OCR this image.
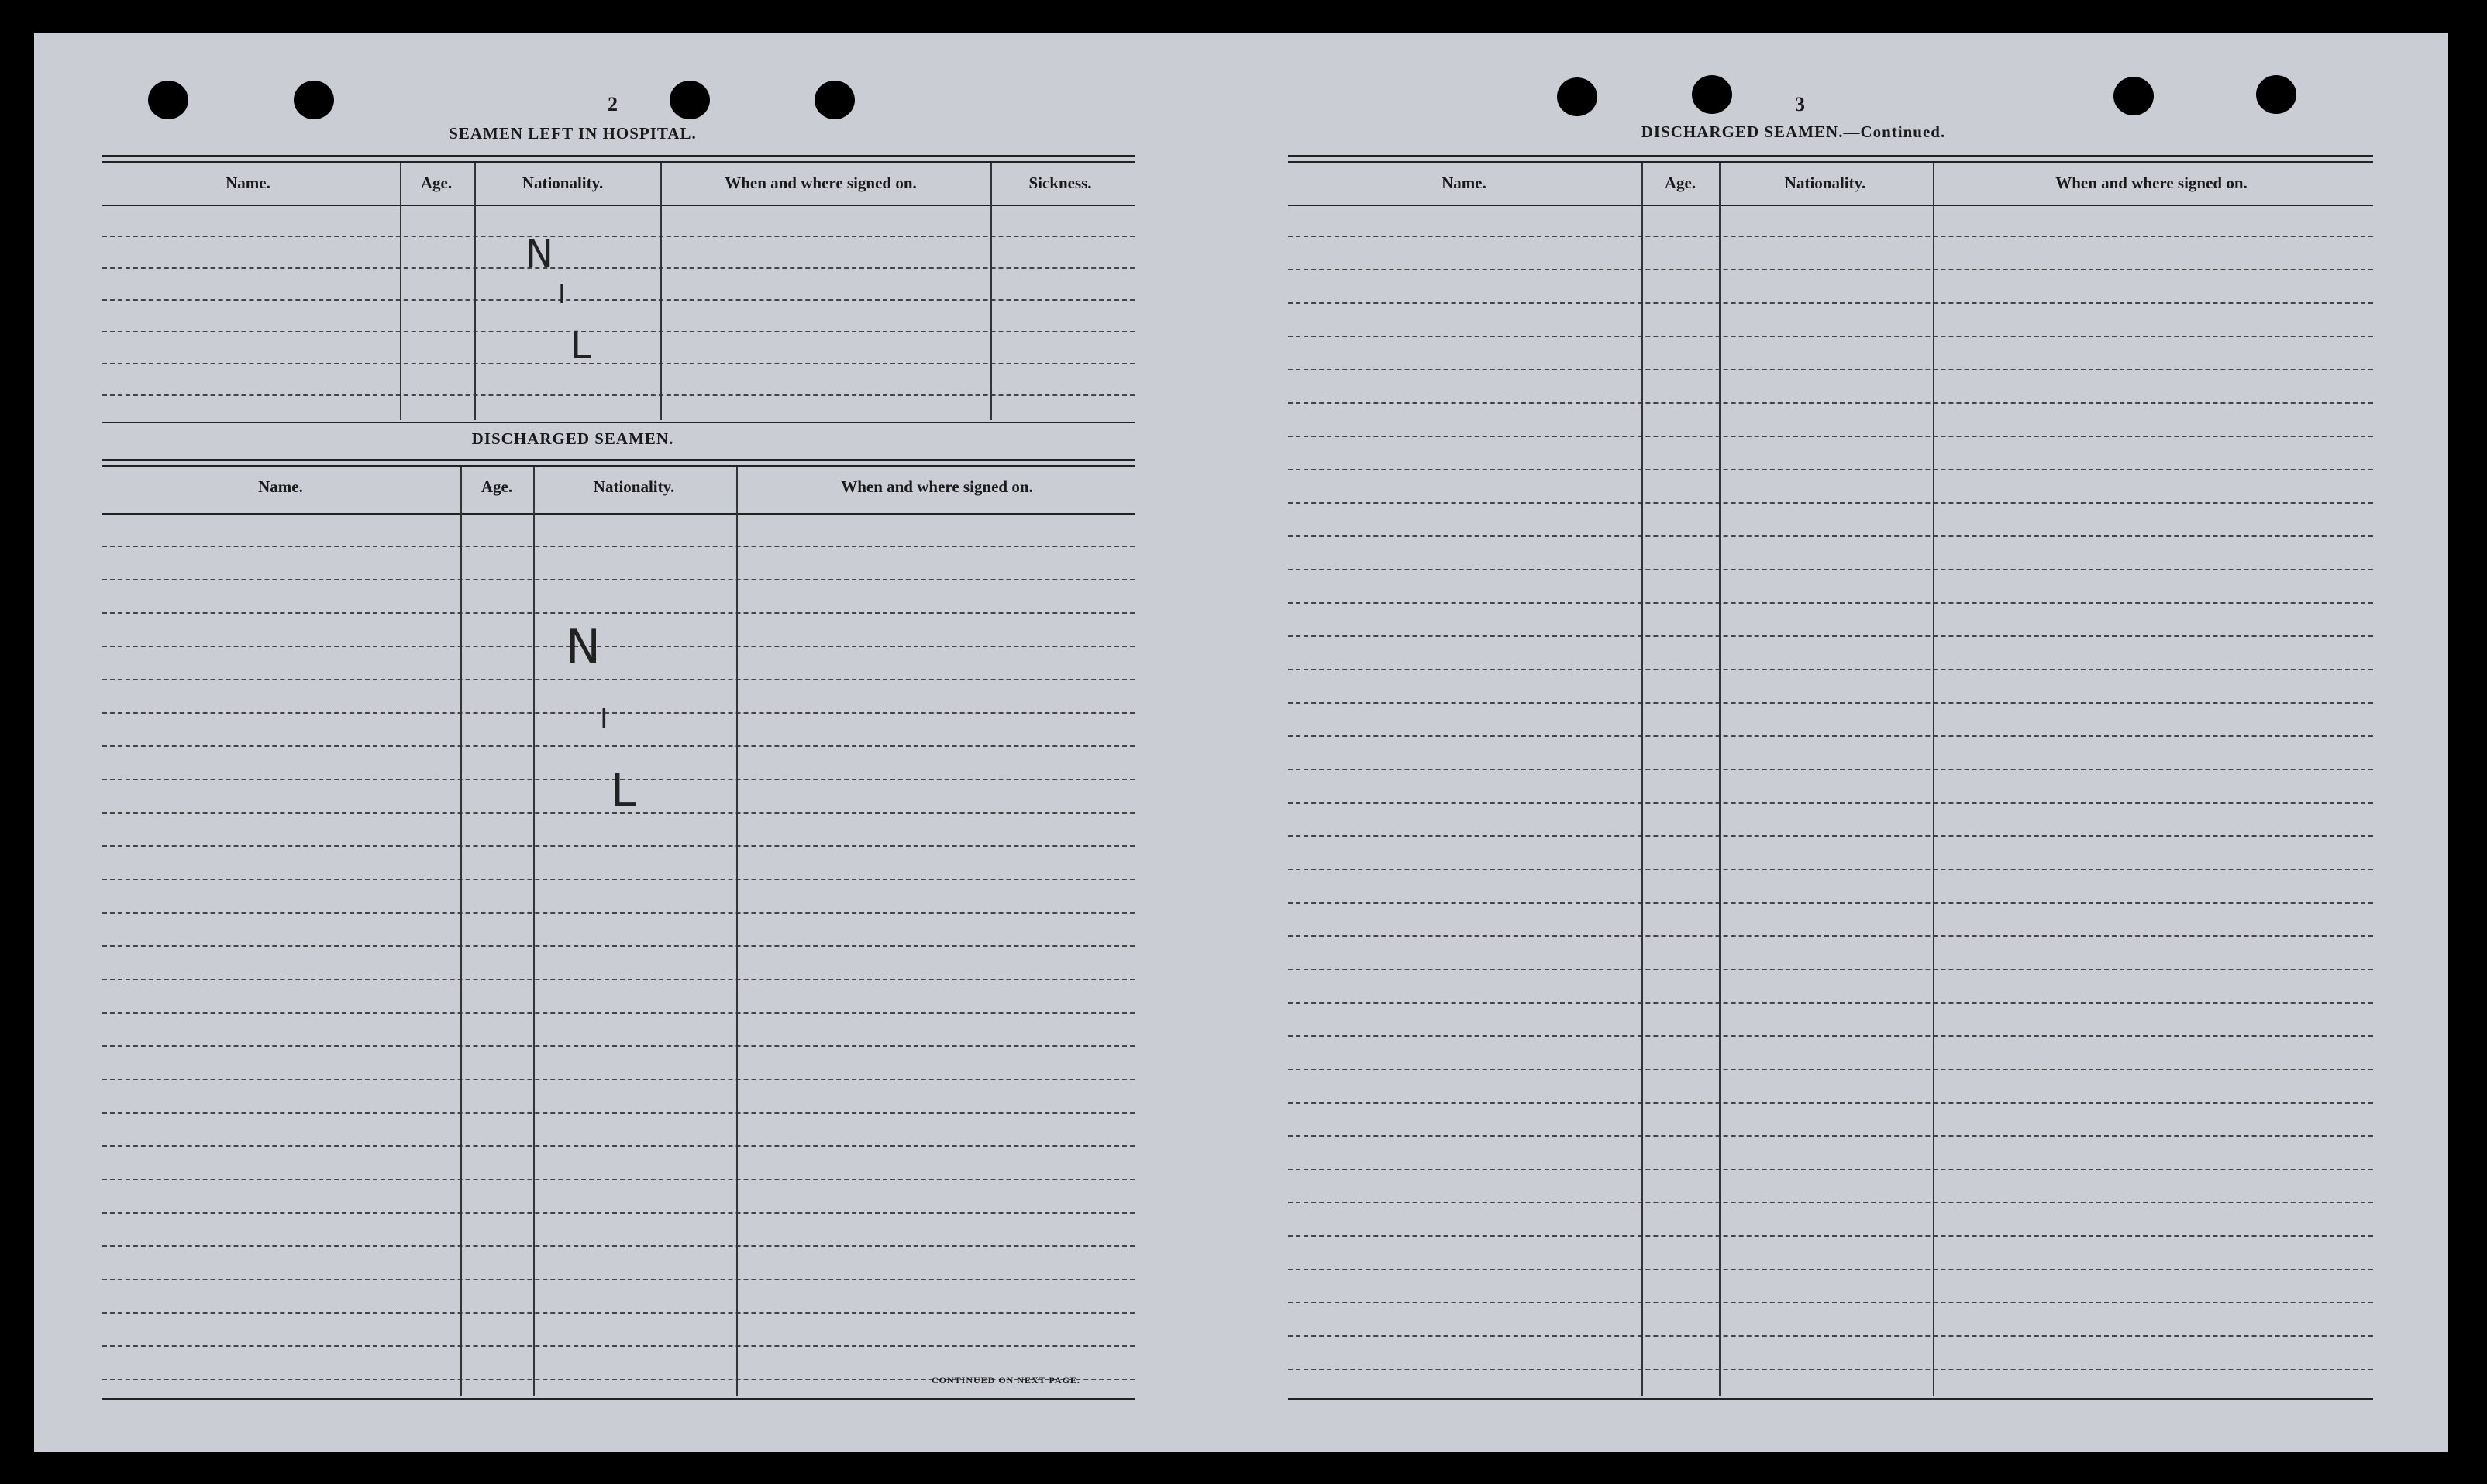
2
SEAMEN LEFT IN HOSPITAL.
Name.	Age.	Nationality.	When and where signed on.	Sickness.
N
I
L
DISCHARGED SEAMEN.
Name.	Age.	Nationality.	When and where signed on.
N
I
L
CONTINUED ON NEXT PAGE.
3
DISCHARGED SEAMEN.—Continued.
Name.	Age.	Nationality.	When and where signed on.
